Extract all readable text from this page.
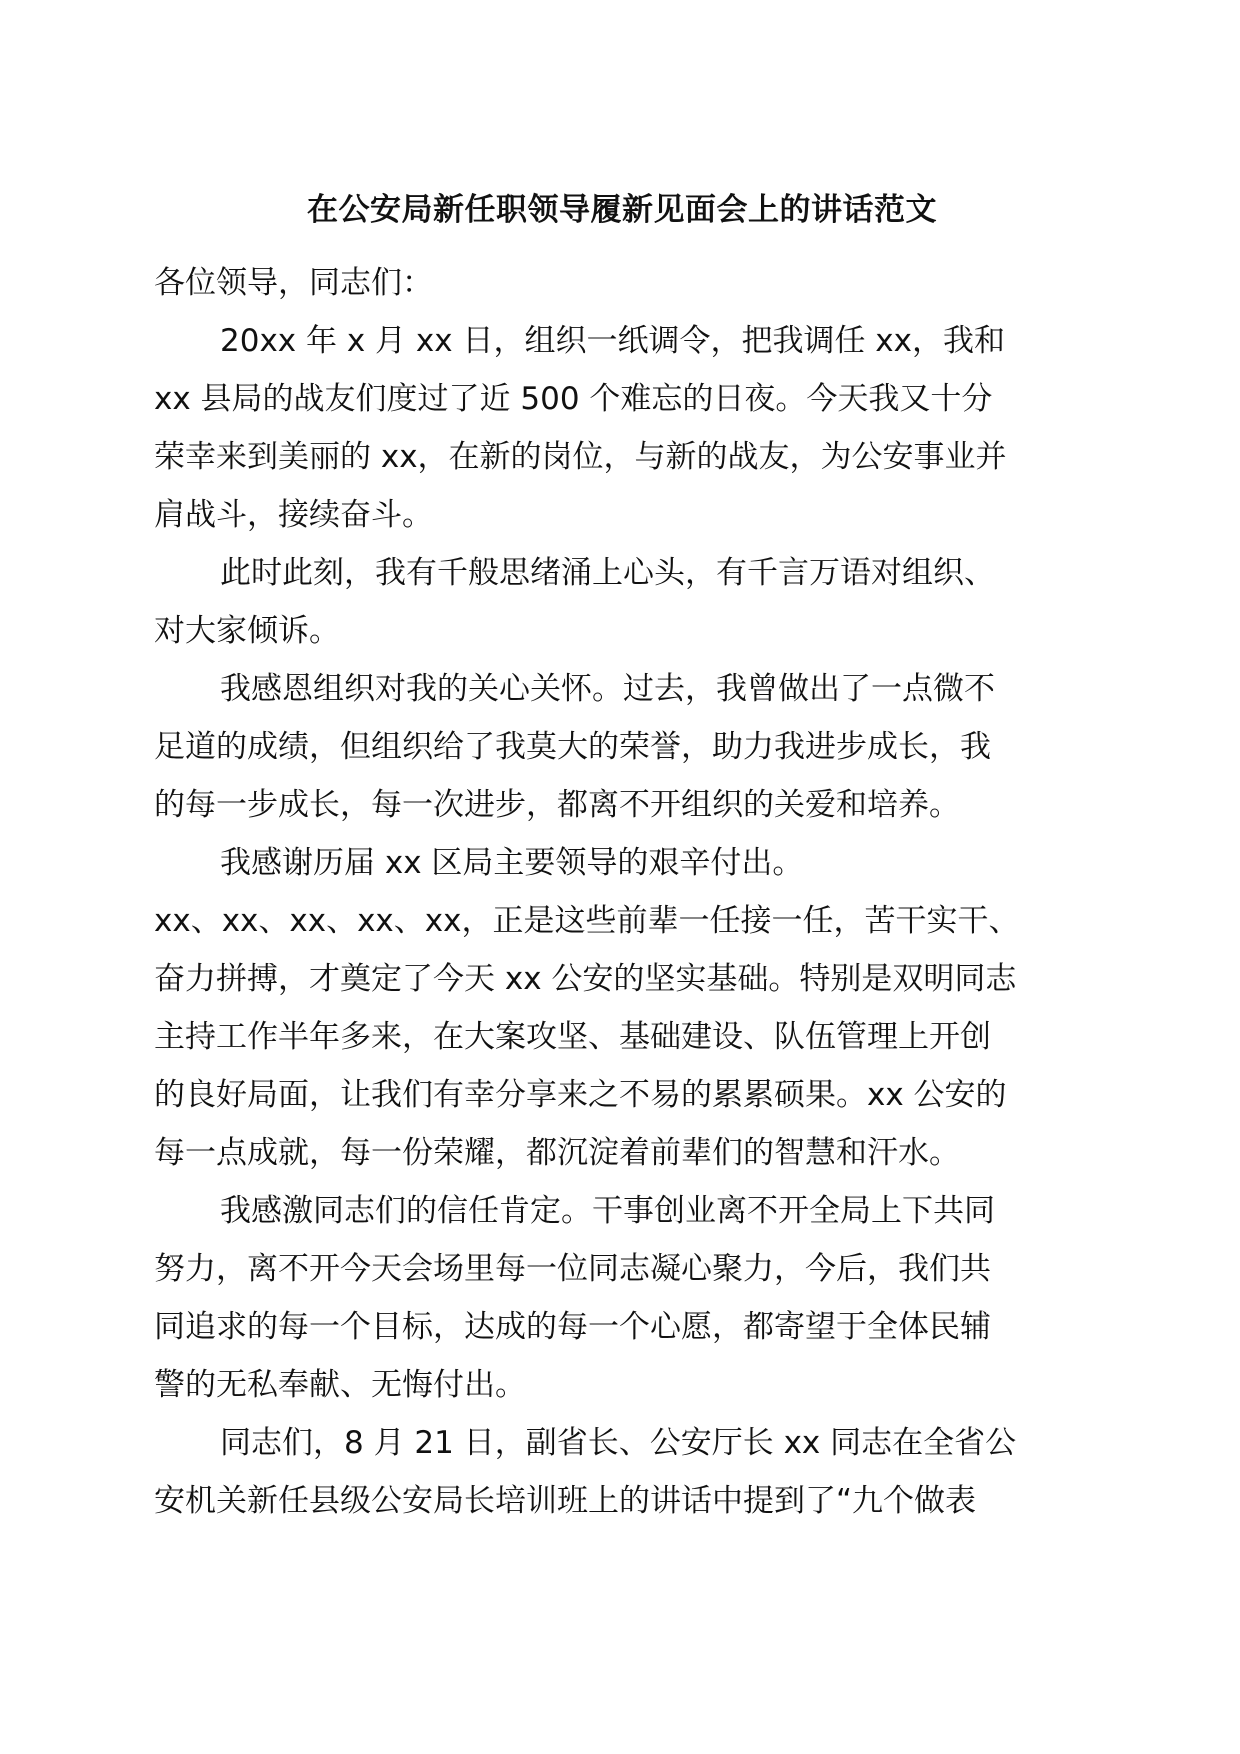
在公安局新任职领导履新见面会上的讲话范文

各位领导，同志们：

20xx 年 x 月 xx 日，组织一纸调令，把我调任 xx，我和

xx 县局的战友们度过了近 500 个难忘的日夜。今天我又十分

荣幸来到美丽的 xx，在新的岗位，与新的战友，为公安事业并

肩战斗，接续奋斗。

此时此刻，我有千般思绪涌上心头，有千言万语对组织、

对大家倾诉。

我感恩组织对我的关心关怀。过去，我曾做出了一点微不

足道的成绩，但组织给了我莫大的荣誉，助力我进步成长，我

的每一步成长，每一次进步，都离不开组织的关爱和培养。

我感谢历届 xx 区局主要领导的艰辛付出。

xx、xx、xx、xx、xx，正是这些前辈一任接一任，苦干实干、

奋力拼搏，才奠定了今天 xx 公安的坚实基础。特别是双明同志

主持工作半年多来，在大案攻坚、基础建设、队伍管理上开创

的良好局面，让我们有幸分享来之不易的累累硕果。xx 公安的

每一点成就，每一份荣耀，都沉淀着前辈们的智慧和汗水。

我感激同志们的信任肯定。干事创业离不开全局上下共同

努力，离不开今天会场里每一位同志凝心聚力，今后，我们共

同追求的每一个目标，达成的每一个心愿，都寄望于全体民辅

警的无私奉献、无悔付出。

同志们，8 月 21 日，副省长、公安厅长 xx 同志在全省公

安机关新任县级公安局长培训班上的讲话中提到了“九个做表
